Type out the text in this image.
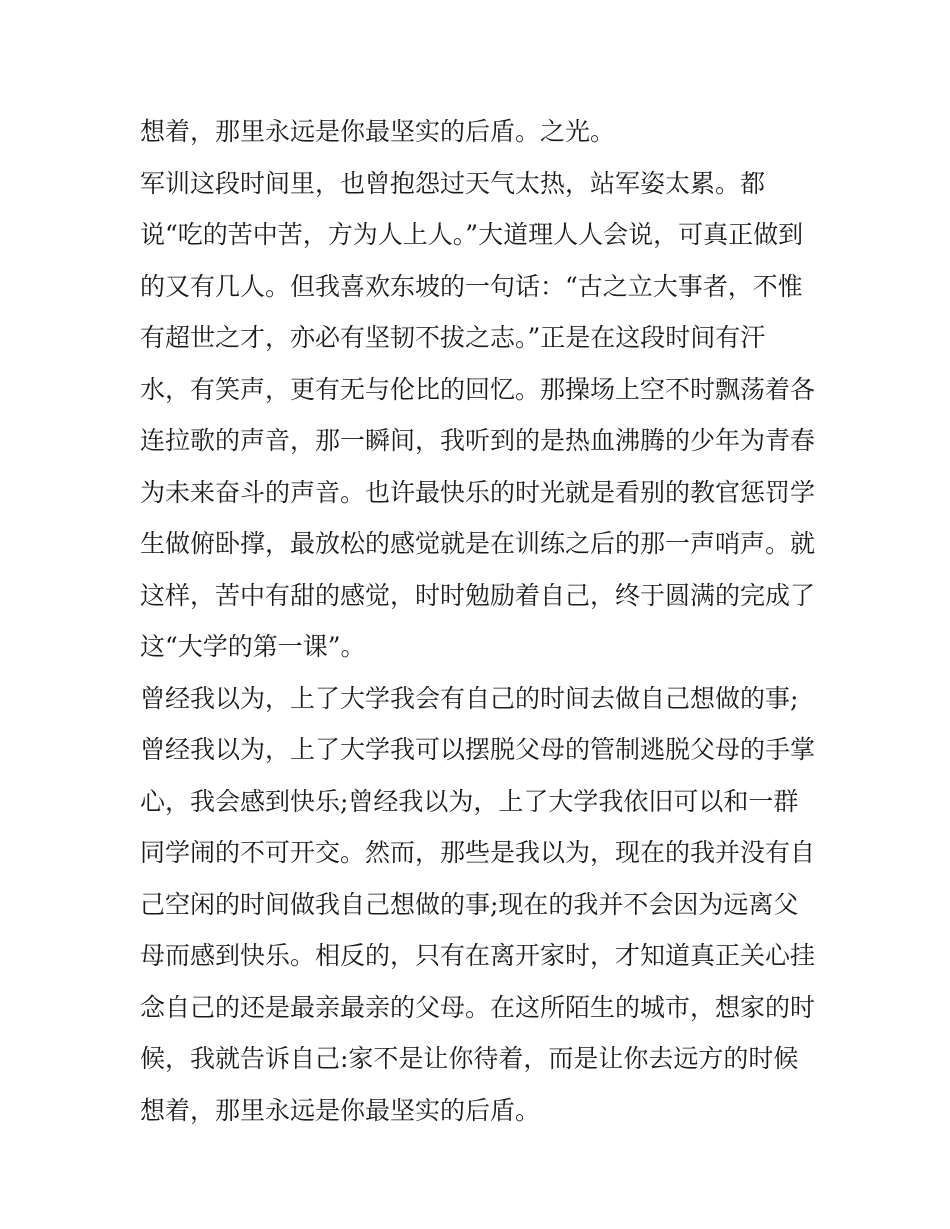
想着，那里永远是你最坚实的后盾。之光。
军训这段时间里，也曾抱怨过天气太热，站军姿太累。都
说“吃的苦中苦，方为人上人。”大道理人人会说，可真正做到
的又有几人。但我喜欢东坡的一句话：“古之立大事者，不惟
有超世之才，亦必有坚韧不拔之志。”正是在这段时间有汗
水，有笑声，更有无与伦比的回忆。那操场上空不时飘荡着各
连拉歌的声音，那一瞬间，我听到的是热血沸腾的少年为青春
为未来奋斗的声音。也许最快乐的时光就是看别的教官惩罚学
生做俯卧撑，最放松的感觉就是在训练之后的那一声哨声。就
这样，苦中有甜的感觉，时时勉励着自己，终于圆满的完成了
这“大学的第一课”。
曾经我以为，上了大学我会有自己的时间去做自己想做的事;
曾经我以为，上了大学我可以摆脱父母的管制逃脱父母的手掌
心，我会感到快乐;曾经我以为，上了大学我依旧可以和一群
同学闹的不可开交。然而，那些是我以为，现在的我并没有自
己空闲的时间做我自己想做的事;现在的我并不会因为远离父
母而感到快乐。相反的，只有在离开家时，才知道真正关心挂
念自己的还是最亲最亲的父母。在这所陌生的城市，想家的时
候，我就告诉自己:家不是让你待着，而是让你去远方的时候
想着，那里永远是你最坚实的后盾。
